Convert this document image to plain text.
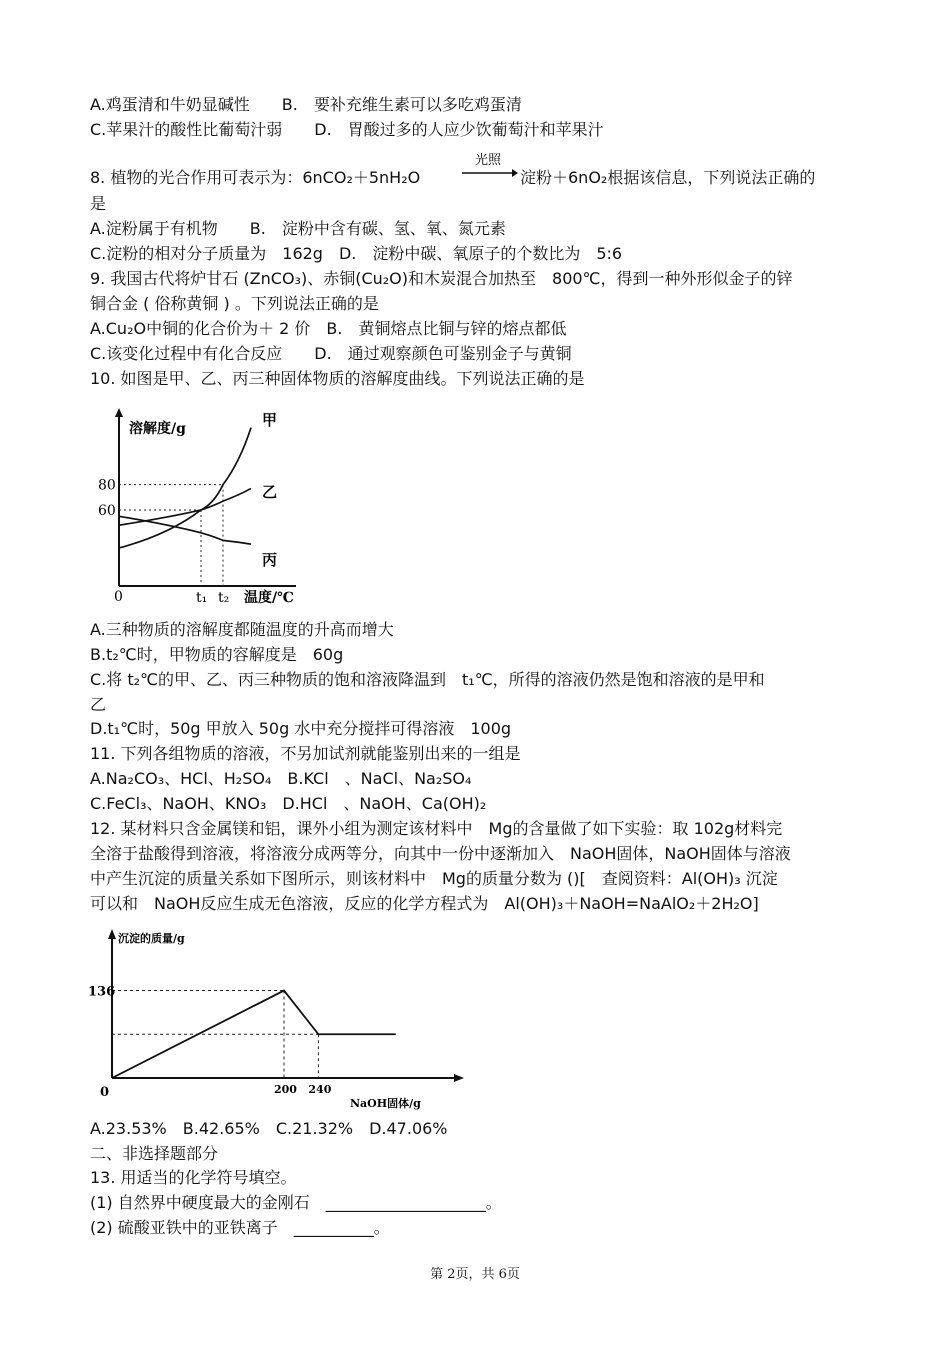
A.鸡蛋清和牛奶显碱性　　B.　要补充维生素可以多吃鸡蛋清
C.苹果汁的酸性比葡萄汁弱　　D.　胃酸过多的人应少饮葡萄汁和苹果汁
8. 植物的光合作用可表示为：6nCO₂＋5nH₂O	淀粉＋6nO₂根据该信息，下列说法正确的
是
A.淀粉属于有机物　　B.　淀粉中含有碳、氢、氧、氮元素
C.淀粉的相对分子质量为　162g　D.　淀粉中碳、氧原子的个数比为　5:6
9. 我国古代将炉甘石 (ZnCO₃)、赤铜(Cu₂O)和木炭混合加热至　800℃，得到一种外形似金子的锌
铜合金 ( 俗称黄铜 ) 。下列说法正确的是
A.Cu₂O中铜的化合价为＋ 2 价　B.　黄铜熔点比铜与锌的熔点都低
C.该变化过程中有化合反应　　D.　通过观察颜色可鉴别金子与黄铜
10. 如图是甲、乙、丙三种固体物质的溶解度曲线。下列说法正确的是
A.三种物质的溶解度都随温度的升高而增大
B.t₂℃时，甲物质的容解度是　60g
C.将 t₂℃的甲、乙、丙三种物质的饱和溶液降温到　t₁℃，所得的溶液仍然是饱和溶液的是甲和
乙
D.t₁℃时，50g 甲放入 50g 水中充分搅拌可得溶液　100g
11. 下列各组物质的溶液，不另加试剂就能鉴别出来的一组是
A.Na₂CO₃、HCl、H₂SO₄　B.KCl　、NaCl、Na₂SO₄
C.FeCl₃、NaOH、KNO₃　D.HCl　、NaOH、Ca(OH)₂
12. 某材料只含金属镁和铝，课外小组为测定该材料中　Mg的含量做了如下实验：取 102g材料完
全溶于盐酸得到溶液，将溶液分成两等分，向其中一份中逐渐加入　NaOH固体，NaOH固体与溶液
中产生沉淀的质量关系如下图所示，则该材料中　Mg的质量分数为 ()[　查阅资料：Al(OH)₃ 沉淀
可以和　NaOH反应生成无色溶液，反应的化学方程式为　Al(OH)₃＋NaOH=NaAlO₂＋2H₂O]
A.23.53%　B.42.65%　C.21.32%　D.47.06%
二、非选择题部分
13. 用适当的化学符号填空。
(1) 自然界中硬度最大的金刚石　____________________。
(2) 硫酸亚铁中的亚铁离子　__________。
光照
溶解度/g
温度/℃
80
60
0	t₁ t₂
甲
乙
丙
沉淀的质量/g
NaOH固体/g
136
0	200 240
第 2页，共 6页
